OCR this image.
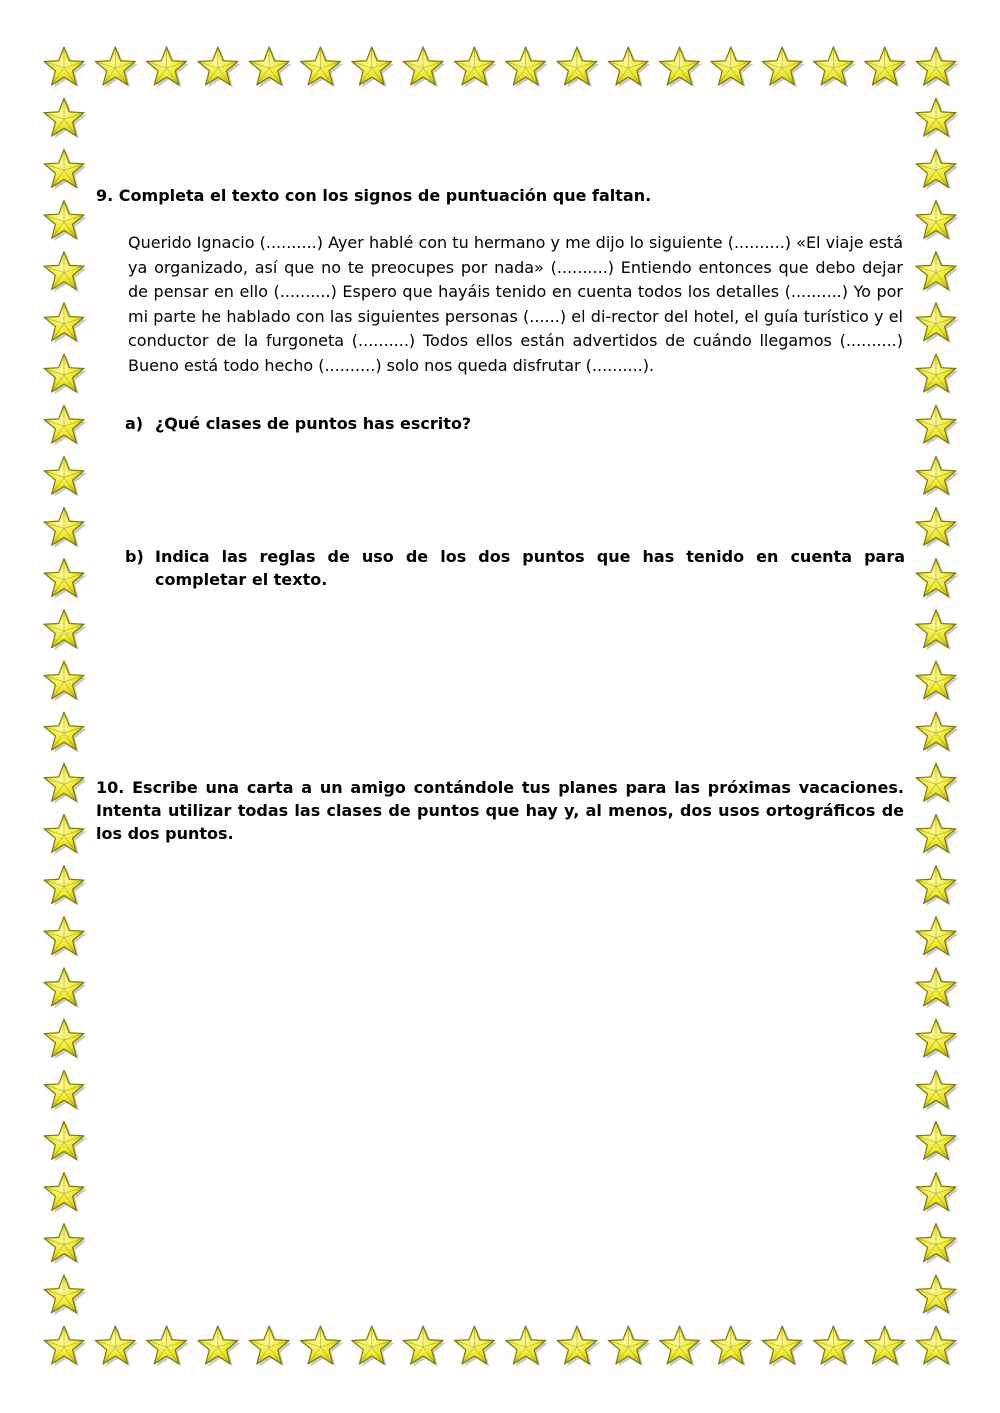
9. Completa el texto con los signos de puntuación que faltan.

Querido Ignacio (..........) Ayer hablé con tu hermano y me dijo lo siguiente (..........) «El viaje está ya organizado, así que no te preocupes por nada» (..........) Entiendo entonces que debo dejar de pensar en ello (..........) Espero que hayáis tenido en cuenta todos los detalles (..........) Yo por mi parte he hablado con las siguientes personas (......) el di-rector del hotel, el guía turístico y el conductor de la furgoneta (..........) Todos ellos están advertidos de cuándo llegamos (..........) Bueno está todo hecho (..........) solo nos queda disfrutar (..........).

a) ¿Qué clases de puntos has escrito?
b) Indica las reglas de uso de los dos puntos que has tenido en cuenta para completar el texto.

10. Escribe una carta a un amigo contándole tus planes para las próximas vacaciones. Intenta utilizar todas las clases de puntos que hay y, al menos, dos usos ortográficos de los dos puntos.
